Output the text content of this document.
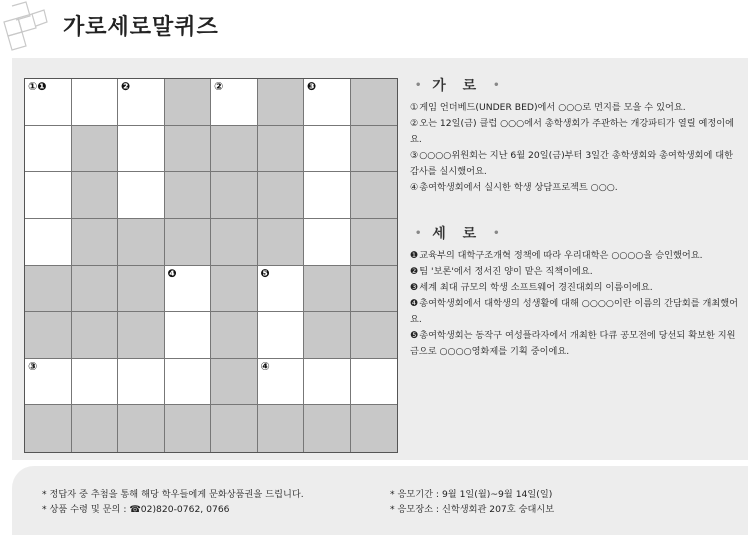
가로세로말퀴즈
①❶	❷	②	❸
❹	❺
③	④
• 가 로 •
①게임 언더베드(UNDER BED)에서 ○○○로 먼지를 모을 수 있어요.
②오는 12일(금) 클럽 ○○○에서 총학생회가 주관하는 개강파티가 열릴 예정이에요.
③○○○○위원회는 지난 6월 20일(금)부터 3일간 총학생회와 총여학생회에 대한 감사를 실시했어요.
④총여학생회에서 실시한 학생 상담프로젝트 ○○○.
• 세 로 •
❶교육부의 대학구조개혁 정책에 따라 우리대학은 ○○○○을 승인했어요.
❷팀 '보론'에서 정서진 양이 맡은 직책이에요.
❸세계 최대 규모의 학생 소프트웨어 경진대회의 이름이에요.
❹총여학생회에서 대학생의 성생활에 대해 ○○○○이란 이름의 간담회를 개최했어요.
❺총여학생회는 동작구 여성플라자에서 개최한 다큐 공모전에 당선되 확보한 지원금으로 ○○○○영화제를 기획 중이에요.
* 정답자 중 추첨을 통해 해당 학우들에게 문화상품권을 드립니다.
* 상품 수령 및 문의 : ☎02)820-0762, 0766
* 응모기간 : 9월 1일(월)~9월 14일(일)
* 응모장소 : 신학생회관 207호 숭대시보
